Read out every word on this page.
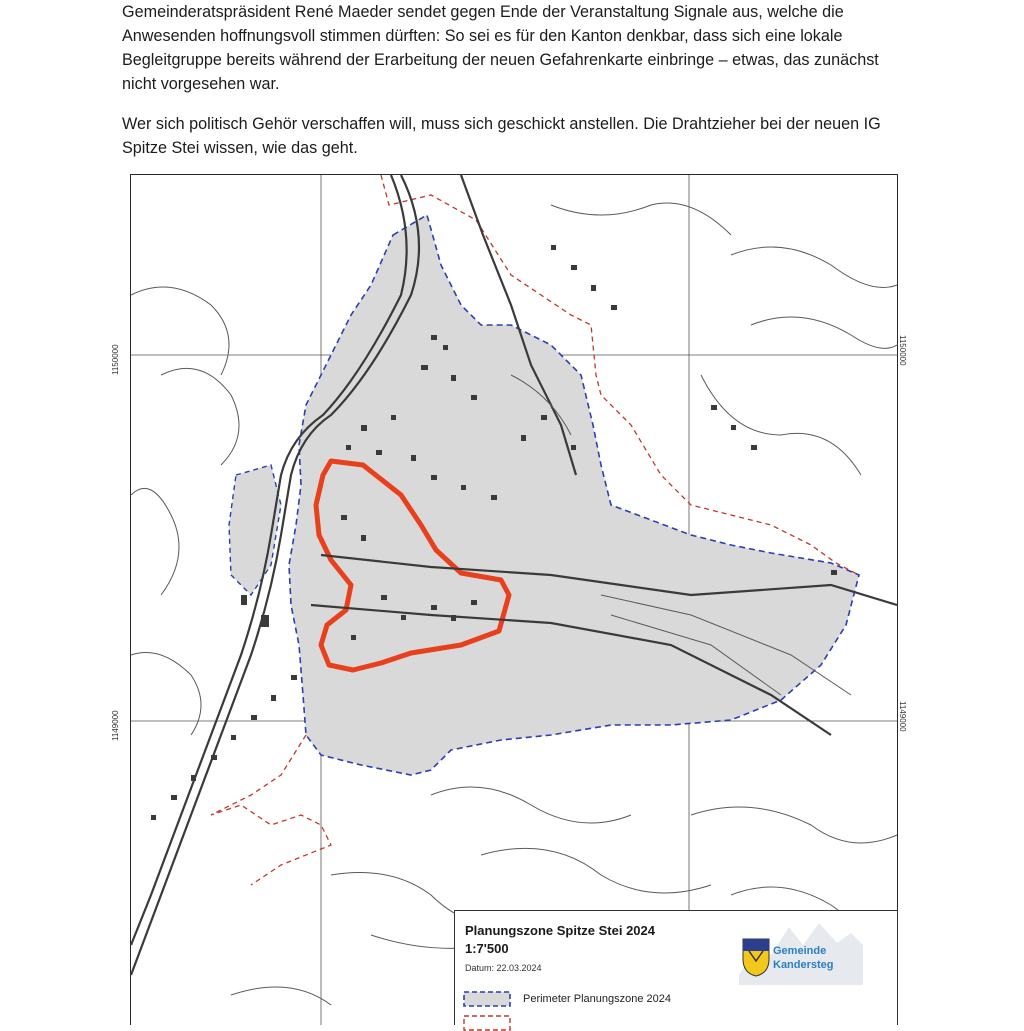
Gemeinderatspräsident René Maeder sendet gegen Ende der Veranstaltung Signale aus, welche die Anwesenden hoffnungsvoll stimmen dürften: So sei es für den Kanton denkbar, dass sich eine lokale Begleitgruppe bereits während der Erarbeitung der neuen Gefahrenkarte einbringe – etwas, das zunächst nicht vorgesehen war.

Wer sich politisch Gehör verschaffen will, muss sich geschickt anstellen. Die Drahtzieher bei der neuen IG Spitze Stei wissen, wie das geht.

1150000
1149000
1150000
1149000
Planungszone Spitze Stei 2024
1:7'500
Datum: 22.03.2024
Perimeter Planungszone 2024
Gemeinde
Kandersteg
